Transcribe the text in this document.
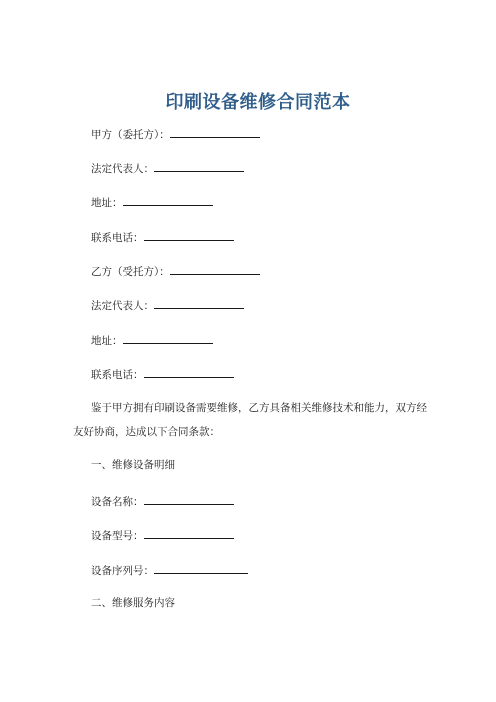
印刷设备维修合同范本
甲方（委托方）：
法定代表人：
地址：
联系电话：
乙方（受托方）：
法定代表人：
地址：
联系电话：
鉴于甲方拥有印刷设备需要维修，乙方具备相关维修技术和能力，双方经友好协商，达成以下合同条款：
一、维修设备明细
设备名称：
设备型号：
设备序列号：
二、维修服务内容
